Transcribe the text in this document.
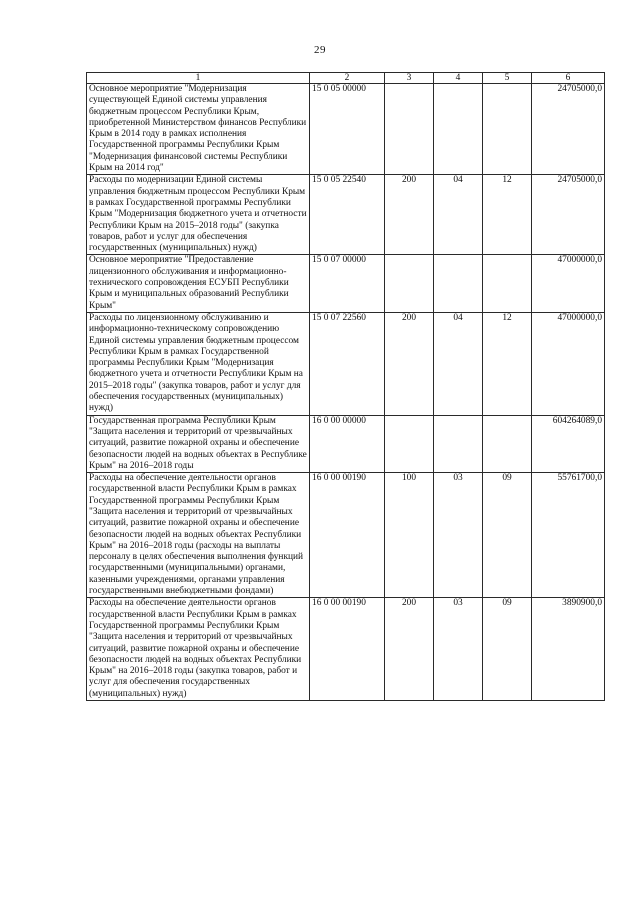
29
1	2	3	4	5	6
Основное мероприятие "Модернизация существующей Единой системы управления бюджетным процессом Республики Крым, приобретенной Министерством финансов Республики Крым в 2014 году в рамках исполнения Государственной программы Республики Крым "Модернизация финансовой системы Республики Крым на 2014 год"	15 0 05 00000				24705000,0
Расходы по модернизации Единой системы управления бюджетным процессом Республики Крым в рамках Государственной программы Республики Крым "Модернизация бюджетного учета и отчетности Республики Крым на 2015–2018 годы" (закупка товаров, работ и услуг для обеспечения государственных (муниципальных) нужд)	15 0 05 22540	200	04	12	24705000,0
Основное мероприятие "Предоставление лицензионного обслуживания и информационно-технического сопровождения ЕСУБП Республики Крым и муниципальных образований Республики Крым"	15 0 07 00000				47000000,0
Расходы по лицензионному обслуживанию и информационно-техническому сопровождению Единой системы управления бюджетным процессом Республики Крым в рамках Государственной программы Республики Крым "Модернизация бюджетного учета и отчетности Республики Крым на 2015–2018 годы" (закупка товаров, работ и услуг для обеспечения государственных (муниципальных) нужд)	15 0 07 22560	200	04	12	47000000,0
Государственная программа Республики Крым "Защита населения и территорий от чрезвычайных ситуаций, развитие пожарной охраны и обеспечение безопасности людей на водных объектах в Республике Крым" на 2016–2018 годы	16 0 00 00000				604264089,0
Расходы на обеспечение деятельности органов государственной власти Республики Крым в рамках Государственной программы Республики Крым "Защита населения и территорий от чрезвычайных ситуаций, развитие пожарной охраны и обеспечение безопасности людей на водных объектах Республики Крым" на 2016–2018 годы (расходы на выплаты персоналу в целях обеспечения выполнения функций государственными (муниципальными) органами, казенными учреждениями, органами управления государственными внебюджетными фондами)	16 0 00 00190	100	03	09	55761700,0
Расходы на обеспечение деятельности органов государственной власти Республики Крым в рамках Государственной программы Республики Крым "Защита населения и территорий от чрезвычайных ситуаций, развитие пожарной охраны и обеспечение безопасности людей на водных объектах Республики Крым" на 2016–2018 годы (закупка товаров, работ и услуг для обеспечения государственных (муниципальных) нужд)	16 0 00 00190	200	03	09	3890900,0
